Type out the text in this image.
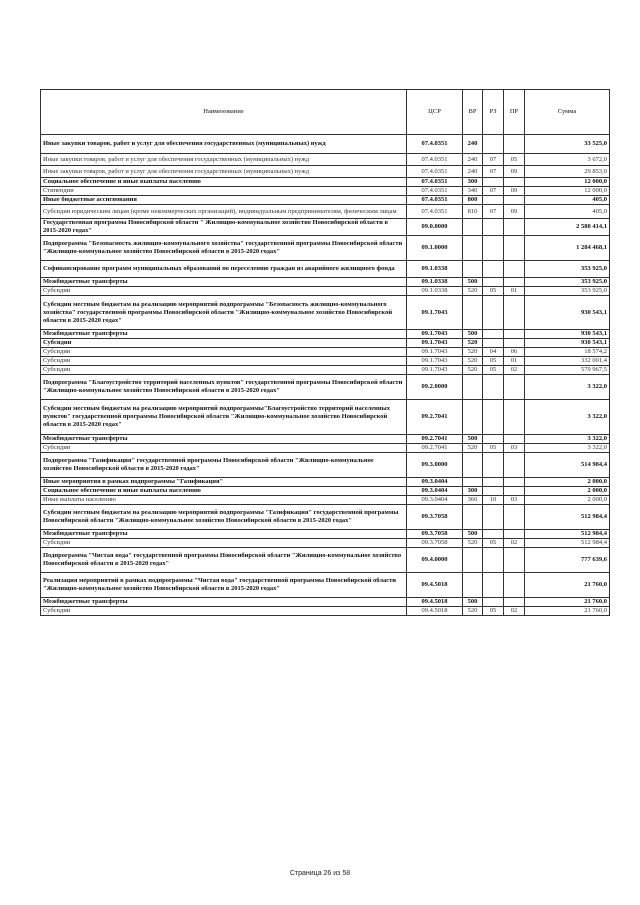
Наименование	ЦСР	ВР	РЗ	ПР	Сумма
Иные закупки товаров, работ и услуг для обеспечения государственных (муниципальных) нужд	07.4.0351	240			33 525,0
Иные закупки товаров, работ и услуг для обеспечения государственных (муниципальных) нужд	07.4.0351	240	07	05	3 672,0
Иные закупки товаров, работ и услуг для обеспечения государственных (муниципальных) нужд	07.4.0351	240	07	09	29 853,0
Социальное обеспечение и иные выплаты населению	07.4.0351	300			12 000,0
Стипендии	07.4.0351	340	07	09	12 000,0
Иные бюджетные ассигнования	07.4.0351	800			405,0
Субсидии юридическим лицам (кроме некоммерческих организаций), индивидуальным предпринимателям, физическим лицам	07.4.0351	810	07	09	405,0
Государственная программа Новосибирской области " Жилищно-коммунальное хозяйство Новосибирской области в 2015-2020 годах"	09.0.0000				2 580 414,1
Подпрограмма "Безопасность жилищно-коммунального хозяйства" государственной программы Новосибирской области "Жилищно-коммунальное хозяйство Новосибирской области в 2015-2020 годах"	09.1.0000				1 284 468,1
Софинансирование программ муниципальных образований по переселению граждан из аварийного жилищного фонда	09.1.0338				353 925,0
Межбюджетные трансферты	09.1.0338	500			353 925,0
Субсидии	09.1.0338	520	05	01	353 925,0
Субсидии местным бюджетам на реализацию мероприятий подпрограммы "Безопасность жилищно-коммунального хозяйства" государственной программы Новосибирской области "Жилищно-коммунальное хозяйство Новосибирской области в 2015-2020 годах"	09.1.7043				930 543,1
Межбюджетные трансферты	09.1.7043	500			930 543,1
Субсидии	09.1.7043	520			930 543,1
Субсидии	09.1.7043	520	04	06	18 574,2
Субсидии	09.1.7043	520	05	01	332 001,4
Субсидии	09.1.7043	520	05	02	579 967,5
Подпрограмма "Благоустройство территорий населенных пунктов" государственной программы Новосибирской области "Жилищно-коммунальное хозяйство Новосибирской области в 2015-2020 годах"	09.2.0000				3 322,0
Субсидии местным бюджетам на реализацию мероприятий подпрограммы"Благоустройство территорий населенных пунктов" государственной программы Новосибирской области "Жилищно-коммунальное хозяйство Новосибирской области в 2015-2020 годах"	09.2.7041				3 322,0
Межбюджетные трансферты	09.2.7041	500			3 322,0
Субсидии	09.2.7041	520	05	03	3 322,0
Подпрограмма "Газификация" государственной программы Новосибирской области "Жилищно-коммунальное хозяйство Новосибирской области в 2015-2020 годах"	09.3.0000				514 984,4
Иные мероприятия в рамках подпрограммы "Газификация"	09.3.0404				2 000,0
Социальное обеспечение и иные выплаты населению	09.3.0404	300			2 000,0
Иные выплаты населению	09.3.0404	360	10	03	2 000,0
Субсидии местным бюджетам на реализацию мероприятий подпрограммы "Газификация" государственной программы Новосибирской области "Жилищно-коммунальное хозяйство Новосибирской области в 2015-2020 годах"	09.3.7058				512 984,4
Межбюджетные трансферты	09.3.7058	500			512 984,4
Субсидии	09.3.7058	520	05	02	512 984,4
Подпрограмма "Чистая вода" государственной программы Новосибирской области "Жилищно-коммунальное хозяйство Новосибирской области в 2015-2020 годах"	09.4.0000				777 639,6
Реализация мероприятий в рамках подпрограммы "Чистая вода" государственной программы Новосибирской области "Жилищно-коммунальное хозяйство Новосибирской области в 2015-2020 годах"	09.4.5018				21 760,0
Межбюджетные трансферты	09.4.5018	500			21 760,0
Субсидии	09.4.5018	520	05	02	21 760,0
Страница 26 из 58
